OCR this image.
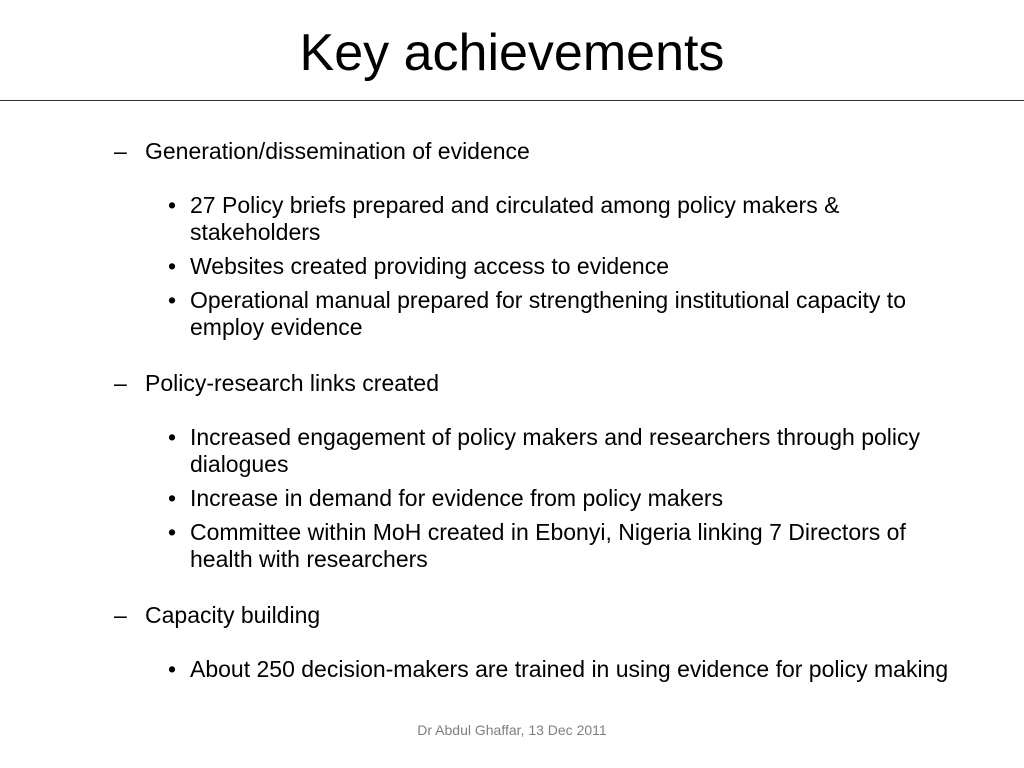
Key achievements
– Generation/dissemination of evidence
• 27 Policy briefs prepared and circulated among policy makers & stakeholders
• Websites created providing access to evidence
• Operational manual prepared for strengthening institutional capacity to employ evidence
– Policy-research links created
• Increased engagement of policy makers and researchers through policy dialogues
• Increase in demand for evidence from policy makers
• Committee within MoH created in Ebonyi, Nigeria linking 7 Directors of health with researchers
– Capacity building
• About 250 decision-makers are trained in using evidence for policy making
Dr Abdul Ghaffar, 13 Dec 2011
